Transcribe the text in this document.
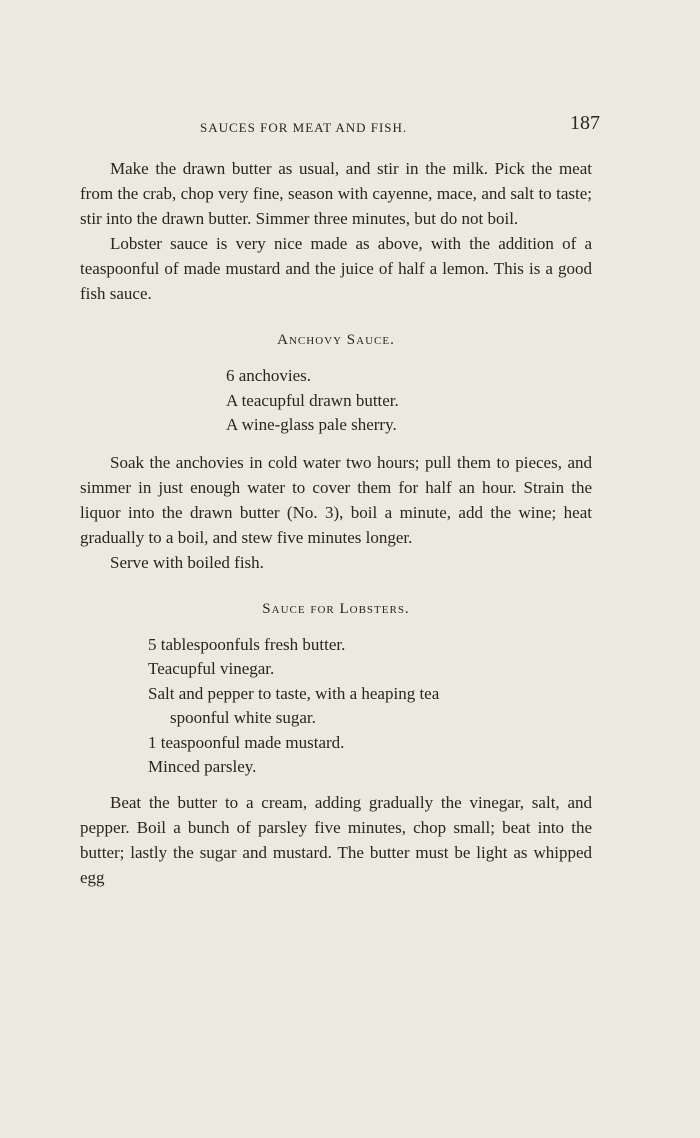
SAUCES FOR MEAT AND FISH.	187

Make the drawn butter as usual, and stir in the milk. Pick the meat from the crab, chop very fine, season with cayenne, mace, and salt to taste; stir into the drawn butter. Simmer three minutes, but do not boil.

Lobster sauce is very nice made as above, with the addition of a teaspoonful of made mustard and the juice of half a lemon. This is a good fish sauce.

Anchovy Sauce.
6 anchovies.
A teacupful drawn butter.
A wine-glass pale sherry.

Soak the anchovies in cold water two hours; pull them to pieces, and simmer in just enough water to cover them for half an hour. Strain the liquor into the drawn butter (No. 3), boil a minute, add the wine; heat gradually to a boil, and stew five minutes longer.

Serve with boiled fish.

Sauce for Lobsters.
5 tablespoonfuls fresh butter.
Teacupful vinegar.
Salt and pepper to taste, with a heaping tea
spoonful white sugar.
1 teaspoonful made mustard.
Minced parsley.

Beat the butter to a cream, adding gradually the vinegar, salt, and pepper. Boil a bunch of parsley five minutes, chop small; beat into the butter; lastly the sugar and mustard. The butter must be light as whipped egg
